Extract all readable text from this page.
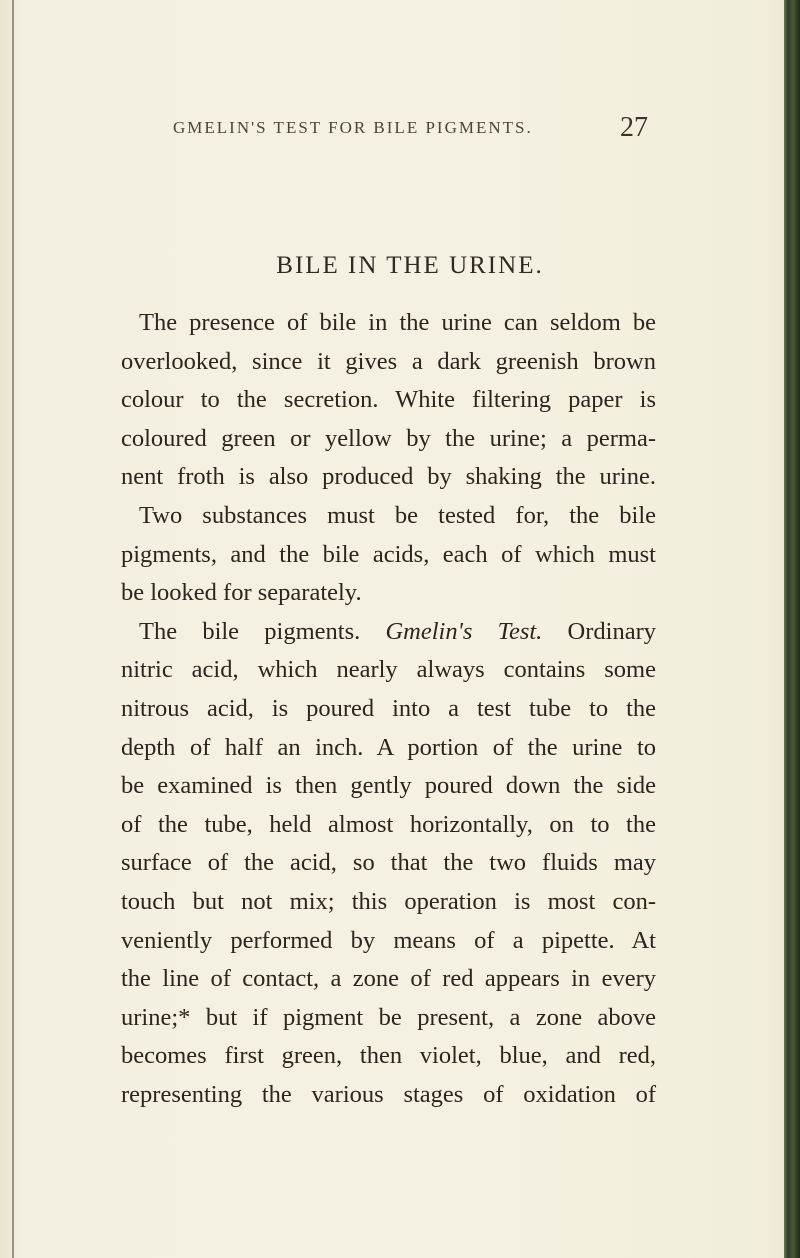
GMELIN'S TEST FOR BILE PIGMENTS.	27
BILE IN THE URINE.
The presence of bile in the urine can seldom be
overlooked, since it gives a dark greenish brown
colour to the secretion. White filtering paper is
coloured green or yellow by the urine; a perma-
nent froth is also produced by shaking the urine.
Two substances must be tested for, the bile
pigments, and the bile acids, each of which must
be looked for separately.
The bile pigments. Gmelin's Test. Ordinary
nitric acid, which nearly always contains some
nitrous acid, is poured into a test tube to the
depth of half an inch. A portion of the urine to
be examined is then gently poured down the side
of the tube, held almost horizontally, on to the
surface of the acid, so that the two fluids may
touch but not mix; this operation is most con-
veniently performed by means of a pipette. At
the line of contact, a zone of red appears in every
urine;* but if pigment be present, a zone above
becomes first green, then violet, blue, and red,
representing the various stages of oxidation of
